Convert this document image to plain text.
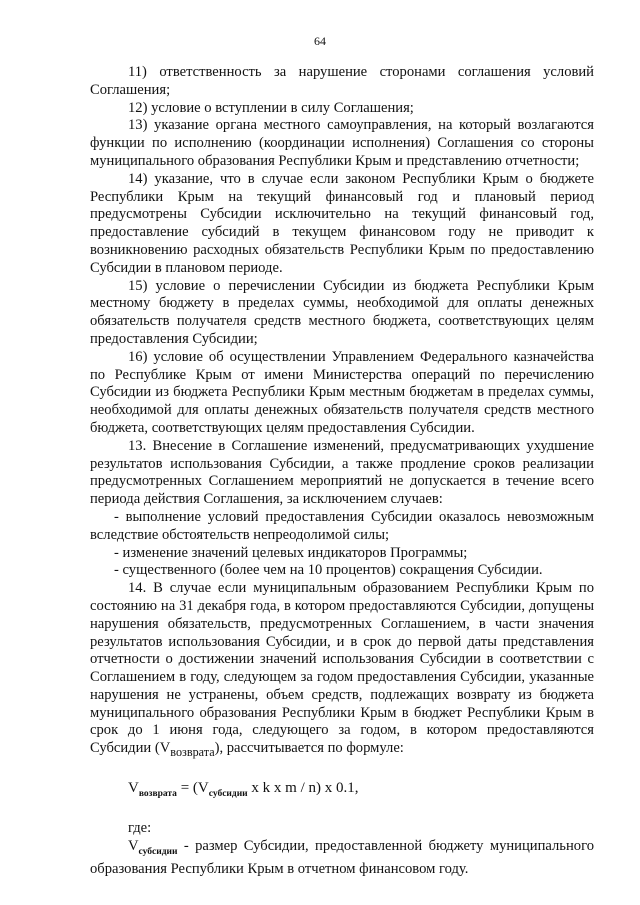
64

11) ответственность за нарушение сторонами соглашения условий Соглашения;

12) условие о вступлении в силу Соглашения;

13) указание органа местного самоуправления, на который возлагаются функции по исполнению (координации исполнения) Соглашения со стороны муниципального образования Республики Крым и представлению отчетности;

14) указание, что в случае если законом Республики Крым о бюджете Республики Крым на текущий финансовый год и плановый период предусмотрены Субсидии исключительно на текущий финансовый год, предоставление субсидий в текущем финансовом году не приводит к возникновению расходных обязательств Республики Крым по предоставлению Субсидии в плановом периоде.

15) условие о перечислении Субсидии из бюджета Республики Крым местному бюджету в пределах суммы, необходимой для оплаты денежных обязательств получателя средств местного бюджета, соответствующих целям предоставления Субсидии;

16) условие об осуществлении Управлением Федерального казначейства по Республике Крым от имени Министерства операций по перечислению Субсидии из бюджета Республики Крым местным бюджетам в пределах суммы, необходимой для оплаты денежных обязательств получателя средств местного бюджета, соответствующих целям предоставления Субсидии.

13. Внесение в Соглашение изменений, предусматривающих ухудшение результатов использования Субсидии, а также продление сроков реализации предусмотренных Соглашением мероприятий не допускается в течение всего периода действия Соглашения, за исключением случаев:

- выполнение условий предоставления Субсидии оказалось невозможным вследствие обстоятельств непреодолимой силы;

- изменение значений целевых индикаторов Программы;

- существенного (более чем на 10 процентов) сокращения Субсидии.

14. В случае если муниципальным образованием Республики Крым по состоянию на 31 декабря года, в котором предоставляются Субсидии, допущены нарушения обязательств, предусмотренных Соглашением, в части значения результатов использования Субсидии, и в срок до первой даты представления отчетности о достижении значений использования Субсидии в соответствии с Соглашением в году, следующем за годом предоставления Субсидии, указанные нарушения не устранены, объем средств, подлежащих возврату из бюджета муниципального образования Республики Крым в бюджет Республики Крым в срок до 1 июня года, следующего за годом, в котором предоставляются Субсидии $(V_{возврата})$, рассчитывается по формуле:

$V_{возврата} = (V_{субсидии}$ x k x m / n) x 0.1,

где:

$V_{субсидии}$ - размер Субсидии, предоставленной бюджету муниципального образования Республики Крым в отчетном финансовом году.
